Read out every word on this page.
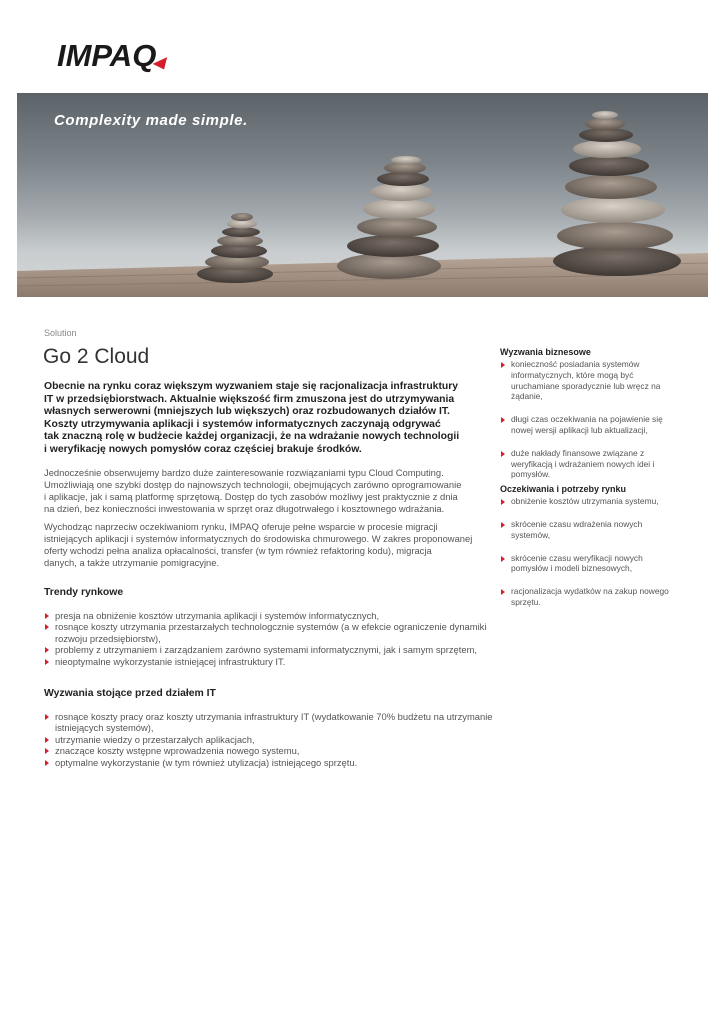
IMPAQ
Complexity made simple.
Solution
Go 2 Cloud

Obecnie na rynku coraz większym wyzwaniem staje się racjonalizacja infrastruktury
IT w przedsiębiorstwach. Aktualnie większość firm zmuszona jest do utrzymywania
własnych serwerowni (mniejszych lub większych) oraz rozbudowanych działów IT.
Koszty utrzymywania aplikacji i systemów informatycznych zaczynają odgrywać
tak znaczną rolę w budżecie każdej organizacji, że na wdrażanie nowych technologii
i weryfikację nowych pomysłów coraz częściej brakuje środków.

Jednocześnie obserwujemy bardzo duże zainteresowanie rozwiązaniami typu Cloud Computing.
Umożliwiają one szybki dostęp do najnowszych technologii, obejmujących zarówno oprogramowanie
i aplikacje, jak i samą platformę sprzętową. Dostęp do tych zasobów możliwy jest praktycznie z dnia
na dzień, bez konieczności inwestowania w sprzęt oraz długotrwałego i kosztownego wdrażania.

Wychodząc naprzeciw oczekiwaniom rynku, IMPAQ oferuje pełne wsparcie w procesie migracji
istniejących aplikacji i systemów informatycznych do środowiska chmurowego. W zakres proponowanej
oferty wchodzi pełna analiza opłacalności, transfer (w tym również refaktoring kodu), migracja
danych, a także utrzymanie pomigracyjne.

Trendy rynkowe
presja na obniżenie kosztów utrzymania aplikacji i systemów informatycznych,
rosnące koszty utrzymania przestarzałych technologcznie systemów (a w efekcie ograniczenie dynamiki rozwoju przedsiębiorstw),
problemy z utrzymaniem i zarządzaniem zarówno systemami informatycznymi, jak i samym sprzętem,
nieoptymalne wykorzystanie istniejącej infrastruktury IT.
Wyzwania stojące przed działem IT
rosnące koszty pracy oraz koszty utrzymania infrastruktury IT (wydatkowanie 70% budżetu na utrzymanie istniejących systemów),
utrzymanie wiedzy o przestarzałych aplikacjach,
znaczące koszty wstępne wprowadzenia nowego systemu,
optymalne wykorzystanie (w tym również utylizacja) istniejącego sprzętu.
Wyzwania biznesowe
konieczność posiadania systemów informatycznych, które mogą być uruchamiane sporadycznie lub wręcz na żądanie,
długi czas oczekiwania na pojawienie się nowej wersji aplikacji lub aktualizacji,
duże nakłady finansowe związane z weryfikacją i wdrażaniem nowych idei i pomysłów.
Oczekiwania i potrzeby rynku
obniżenie kosztów utrzymania systemu,
skrócenie czasu wdrażenia nowych systemów,
skrócenie czasu weryfikacji nowych pomysłów i modeli biznesowych,
racjonalizacja wydatków na zakup nowego sprzętu.
